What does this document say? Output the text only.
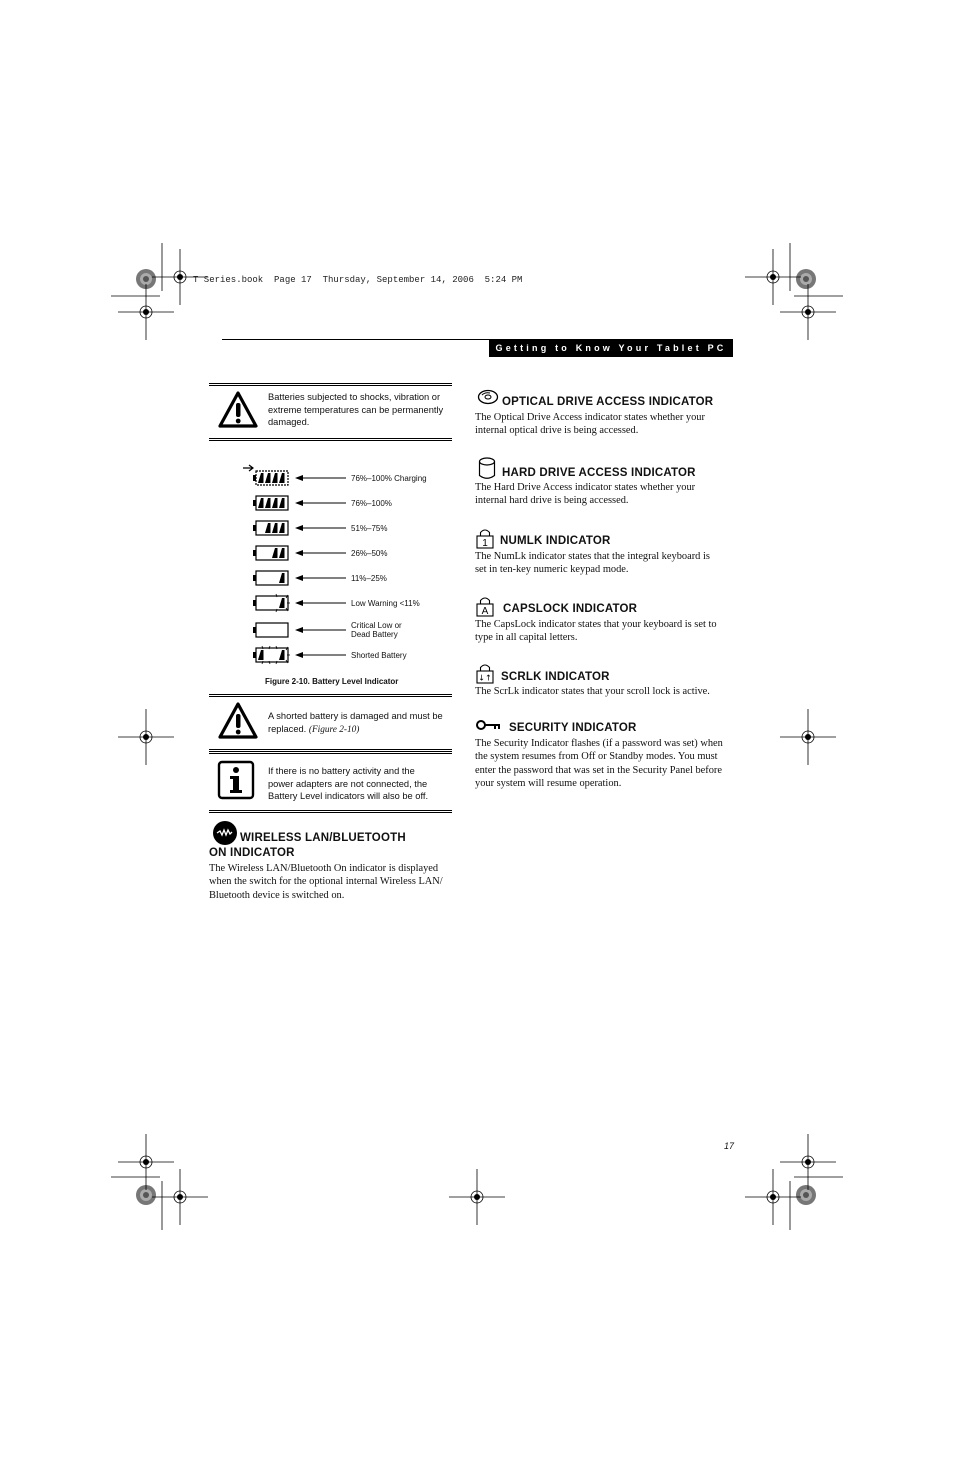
T Series.book  Page 17  Thursday, September 14, 2006  5:24 PM
Getting to Know Your Tablet PC
Batteries subjected to shocks, vibration or extreme temperatures can be permanently damaged.
76%–100% Charging
76%–100%
51%–75%
26%–50%
11%–25%
Low Warning <11%
Critical Low or
Dead Battery
Shorted Battery
Figure 2-10. Battery Level Indicator
A shorted battery is damaged and must be replaced. (Figure 2-10)
If there is no battery activity and the power adapters are not connected, the Battery Level indicators will also be off.
WIRELESS LAN/BLUETOOTH
ON INDICATOR
The Wireless LAN/Bluetooth On indicator is displayed when the switch for the optional internal Wireless LAN/ Bluetooth device is switched on.
OPTICAL DRIVE ACCESS INDICATOR
The Optical Drive Access indicator states whether your internal optical drive is being accessed.
HARD DRIVE ACCESS INDICATOR
The Hard Drive Access indicator states whether your internal hard drive is being accessed.
1 NUMLK INDICATOR
The NumLk indicator states that the integral keyboard is set in ten-key numeric keypad mode.
A CAPSLOCK INDICATOR
The CapsLock indicator states that your keyboard is set to type in all capital letters.
↓↑ SCRLK INDICATOR
The ScrLk indicator states that your scroll lock is active.
SECURITY INDICATOR
The Security Indicator flashes (if a password was set) when the system resumes from Off or Standby modes. You must enter the password that was set in the Security Panel before your system will resume operation.
17
